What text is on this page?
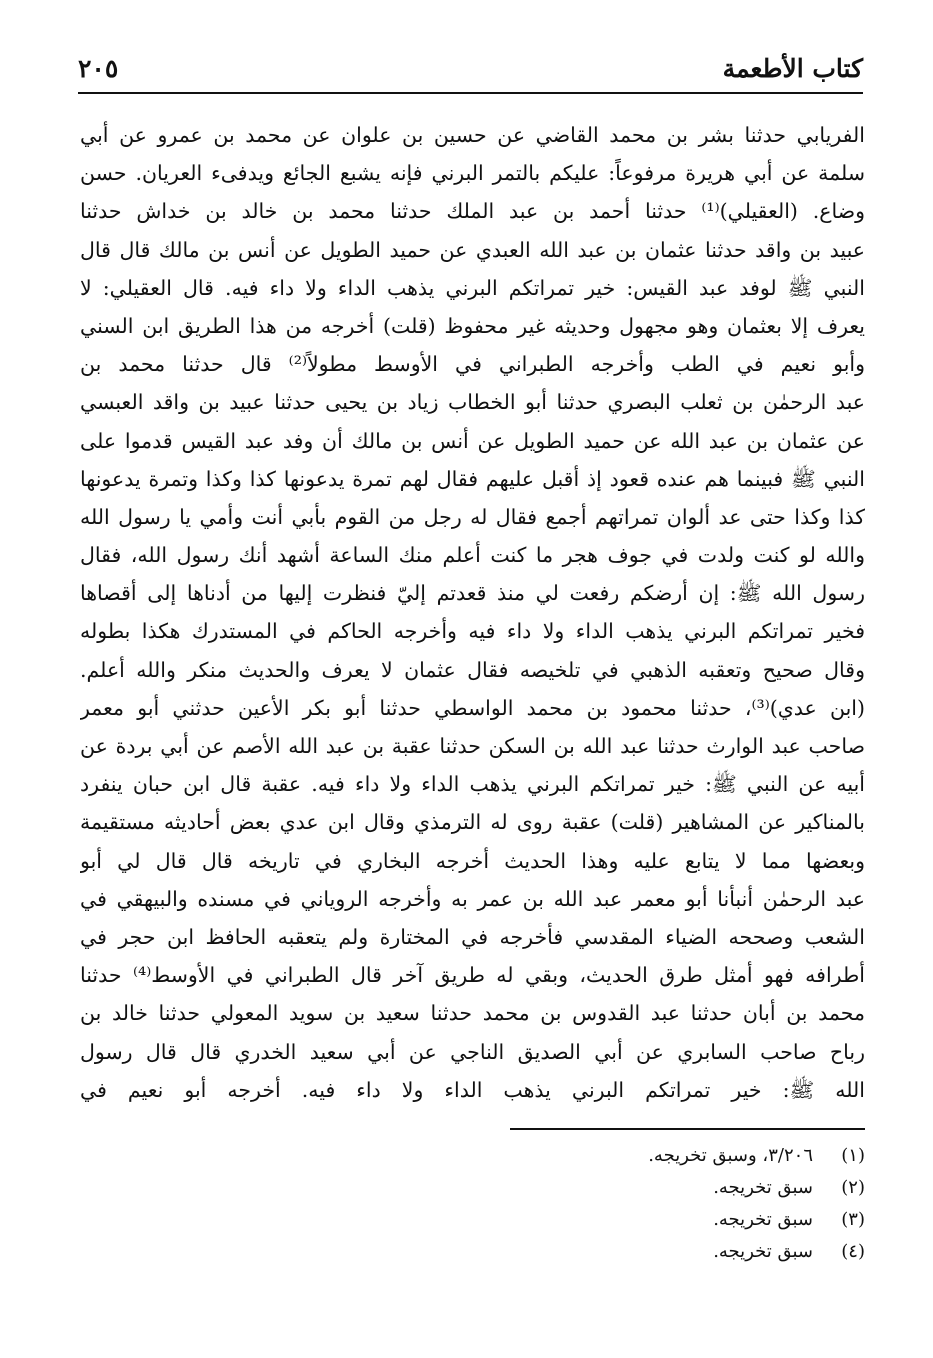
كتاب الأطعمة
٢٠٥
الفريابي حدثنا بشر بن محمد القاضي عن حسين بن علوان عن محمد بن عمرو عن أبي
سلمة عن أبي هريرة مرفوعاً: عليكم بالتمر البرني فإنه يشبع الجائع ويدفىء العريان. حسن
وضاع. (العقيلي)⁽¹⁾ حدثنا أحمد بن عبد الملك حدثنا محمد بن خالد بن خداش حدثنا
عبيد بن واقد حدثنا عثمان بن عبد الله العبدي عن حميد الطويل عن أنس بن مالك قال قال
النبي ﷺ لوفد عبد القيس: خير تمراتكم البرني يذهب الداء ولا داء فيه. قال العقيلي: لا
يعرف إلا بعثمان وهو مجهول وحديثه غير محفوظ (قلت) أخرجه من هذا الطريق ابن السني
وأبو نعيم في الطب وأخرجه الطبراني في الأوسط مطولاً⁽²⁾ قال حدثنا محمد بن
عبد الرحمٰن بن ثعلب البصري حدثنا أبو الخطاب زياد بن يحيى حدثنا عبيد بن واقد العبسي
عن عثمان بن عبد الله عن حميد الطويل عن أنس بن مالك أن وفد عبد القيس قدموا على
النبي ﷺ فبينما هم عنده قعود إذ أقبل عليهم فقال لهم تمرة يدعونها كذا وكذا وتمرة يدعونها
كذا وكذا حتى عد ألوان تمراتهم أجمع فقال له رجل من القوم بأبي أنت وأمي يا رسول الله
والله لو كنت ولدت في جوف هجر ما كنت أعلم منك الساعة أشهد أنك رسول الله، فقال
رسول الله ﷺ: إن أرضكم رفعت لي منذ قعدتم إليّ فنظرت إليها من أدناها إلى أقصاها
فخير تمراتكم البرني يذهب الداء ولا داء فيه وأخرجه الحاكم في المستدرك هكذا بطوله
وقال صحيح وتعقبه الذهبي في تلخيصه فقال عثمان لا يعرف والحديث منكر والله أعلم.
(ابن عدي)⁽³⁾، حدثنا محمود بن محمد الواسطي حدثنا أبو بكر الأعين حدثني أبو معمر
صاحب عبد الوارث حدثنا عبد الله بن السكن حدثنا عقبة بن عبد الله الأصم عن أبي بردة عن
أبيه عن النبي ﷺ: خير تمراتكم البرني يذهب الداء ولا داء فيه. عقبة قال ابن حبان ينفرد
بالمناكير عن المشاهير (قلت) عقبة روى له الترمذي وقال ابن عدي بعض أحاديثه مستقيمة
وبعضها مما لا يتابع عليه وهذا الحديث أخرجه البخاري في تاريخه قال قال لي أبو
عبد الرحمٰن أنبأنا أبو معمر عبد الله بن عمر به وأخرجه الروياني في مسنده والبيهقي في
الشعب وصححه الضياء المقدسي فأخرجه في المختارة ولم يتعقبه الحافظ ابن حجر في
أطرافه فهو أمثل طرق الحديث، وبقي له طريق آخر قال الطبراني في الأوسط⁽⁴⁾ حدثنا
محمد بن أبان حدثنا عبد القدوس بن محمد حدثنا سعيد بن سويد المعولي حدثنا خالد بن
رباح صاحب السابري عن أبي الصديق الناجي عن أبي سعيد الخدري قال قال رسول
الله ﷺ: خير تمراتكم البرني يذهب الداء ولا داء فيه. أخرجه أبو نعيم في
(١)٣/٢٠٦، وسبق تخريجه.
(٢)سبق تخريجه.
(٣)سبق تخريجه.
(٤)سبق تخريجه.
